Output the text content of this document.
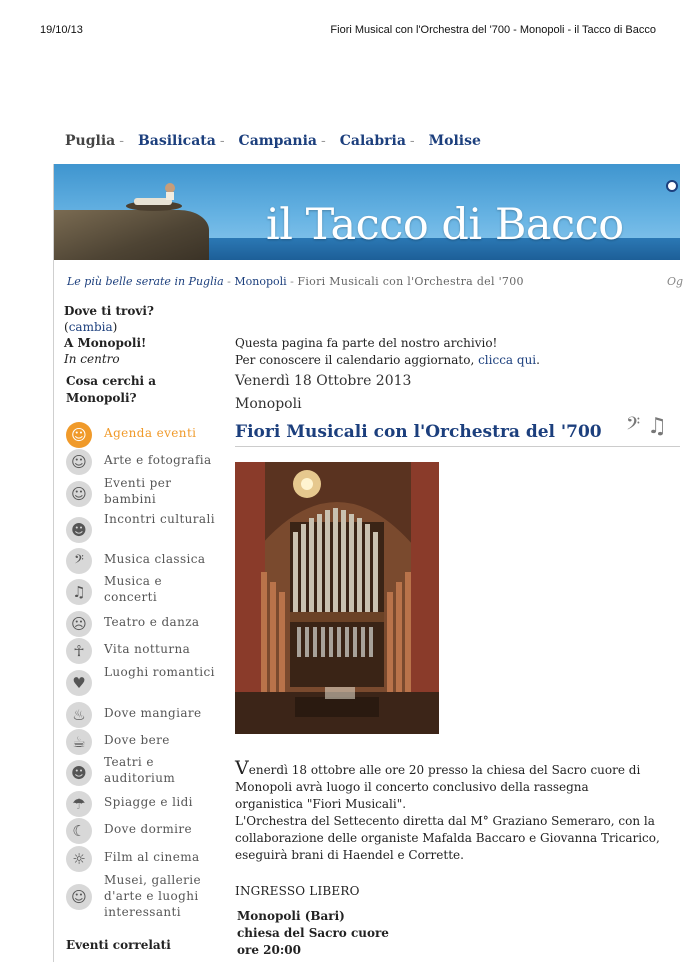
19/10/13	Fiori Musical con l'Orchestra del '700 - Monopoli - il Tacco di Bacco
Puglia - Basilicata - Campania - Calabria - Molise
il Tacco di Bacco
Le più belle serate in Puglia - Monopoli - Fiori Musicali con l'Orchestra del '700	Og
Dove ti trovi?
(cambia)
A Monopoli!
In centro
Cosa cerchi a Monopoli?
☺	Agenda eventi
☺	Arte e fotografia
☺
Eventi per bambini
☻
Incontri culturali
𝄢	Musica classica
♫
Musica e concerti
☹	Teatro e danza
☥	Vita notturna
♥
Luoghi romantici
♨	Dove mangiare
☕	Dove bere
☻
Teatri e auditorium
☂	Spiagge e lidi
☾	Dove dormire
☼	Film al cinema
☺
Musei, gallerie d'arte e luoghi interessanti
Eventi correlati
Questa pagina fa parte del nostro archivio!
Per conoscere il calendario aggiornato, clicca qui.
Venerdì 18 Ottobre 2013
Monopoli
Fiori Musicali con l'Orchestra del '700 𝄢 ♫
Venerdì 18 ottobre alle ore 20 presso la chiesa del Sacro cuore di Monopoli avrà luogo il concerto conclusivo della rassegna organistica "Fiori Musicali".
L'Orchestra del Settecento diretta dal M° Graziano Semeraro, con la collaborazione delle organiste Mafalda Baccaro e Giovanna Tricarico, eseguirà brani di Haendel e Corrette.
INGRESSO LIBERO
Monopoli (Bari)
chiesa del Sacro cuore
ore 20:00
